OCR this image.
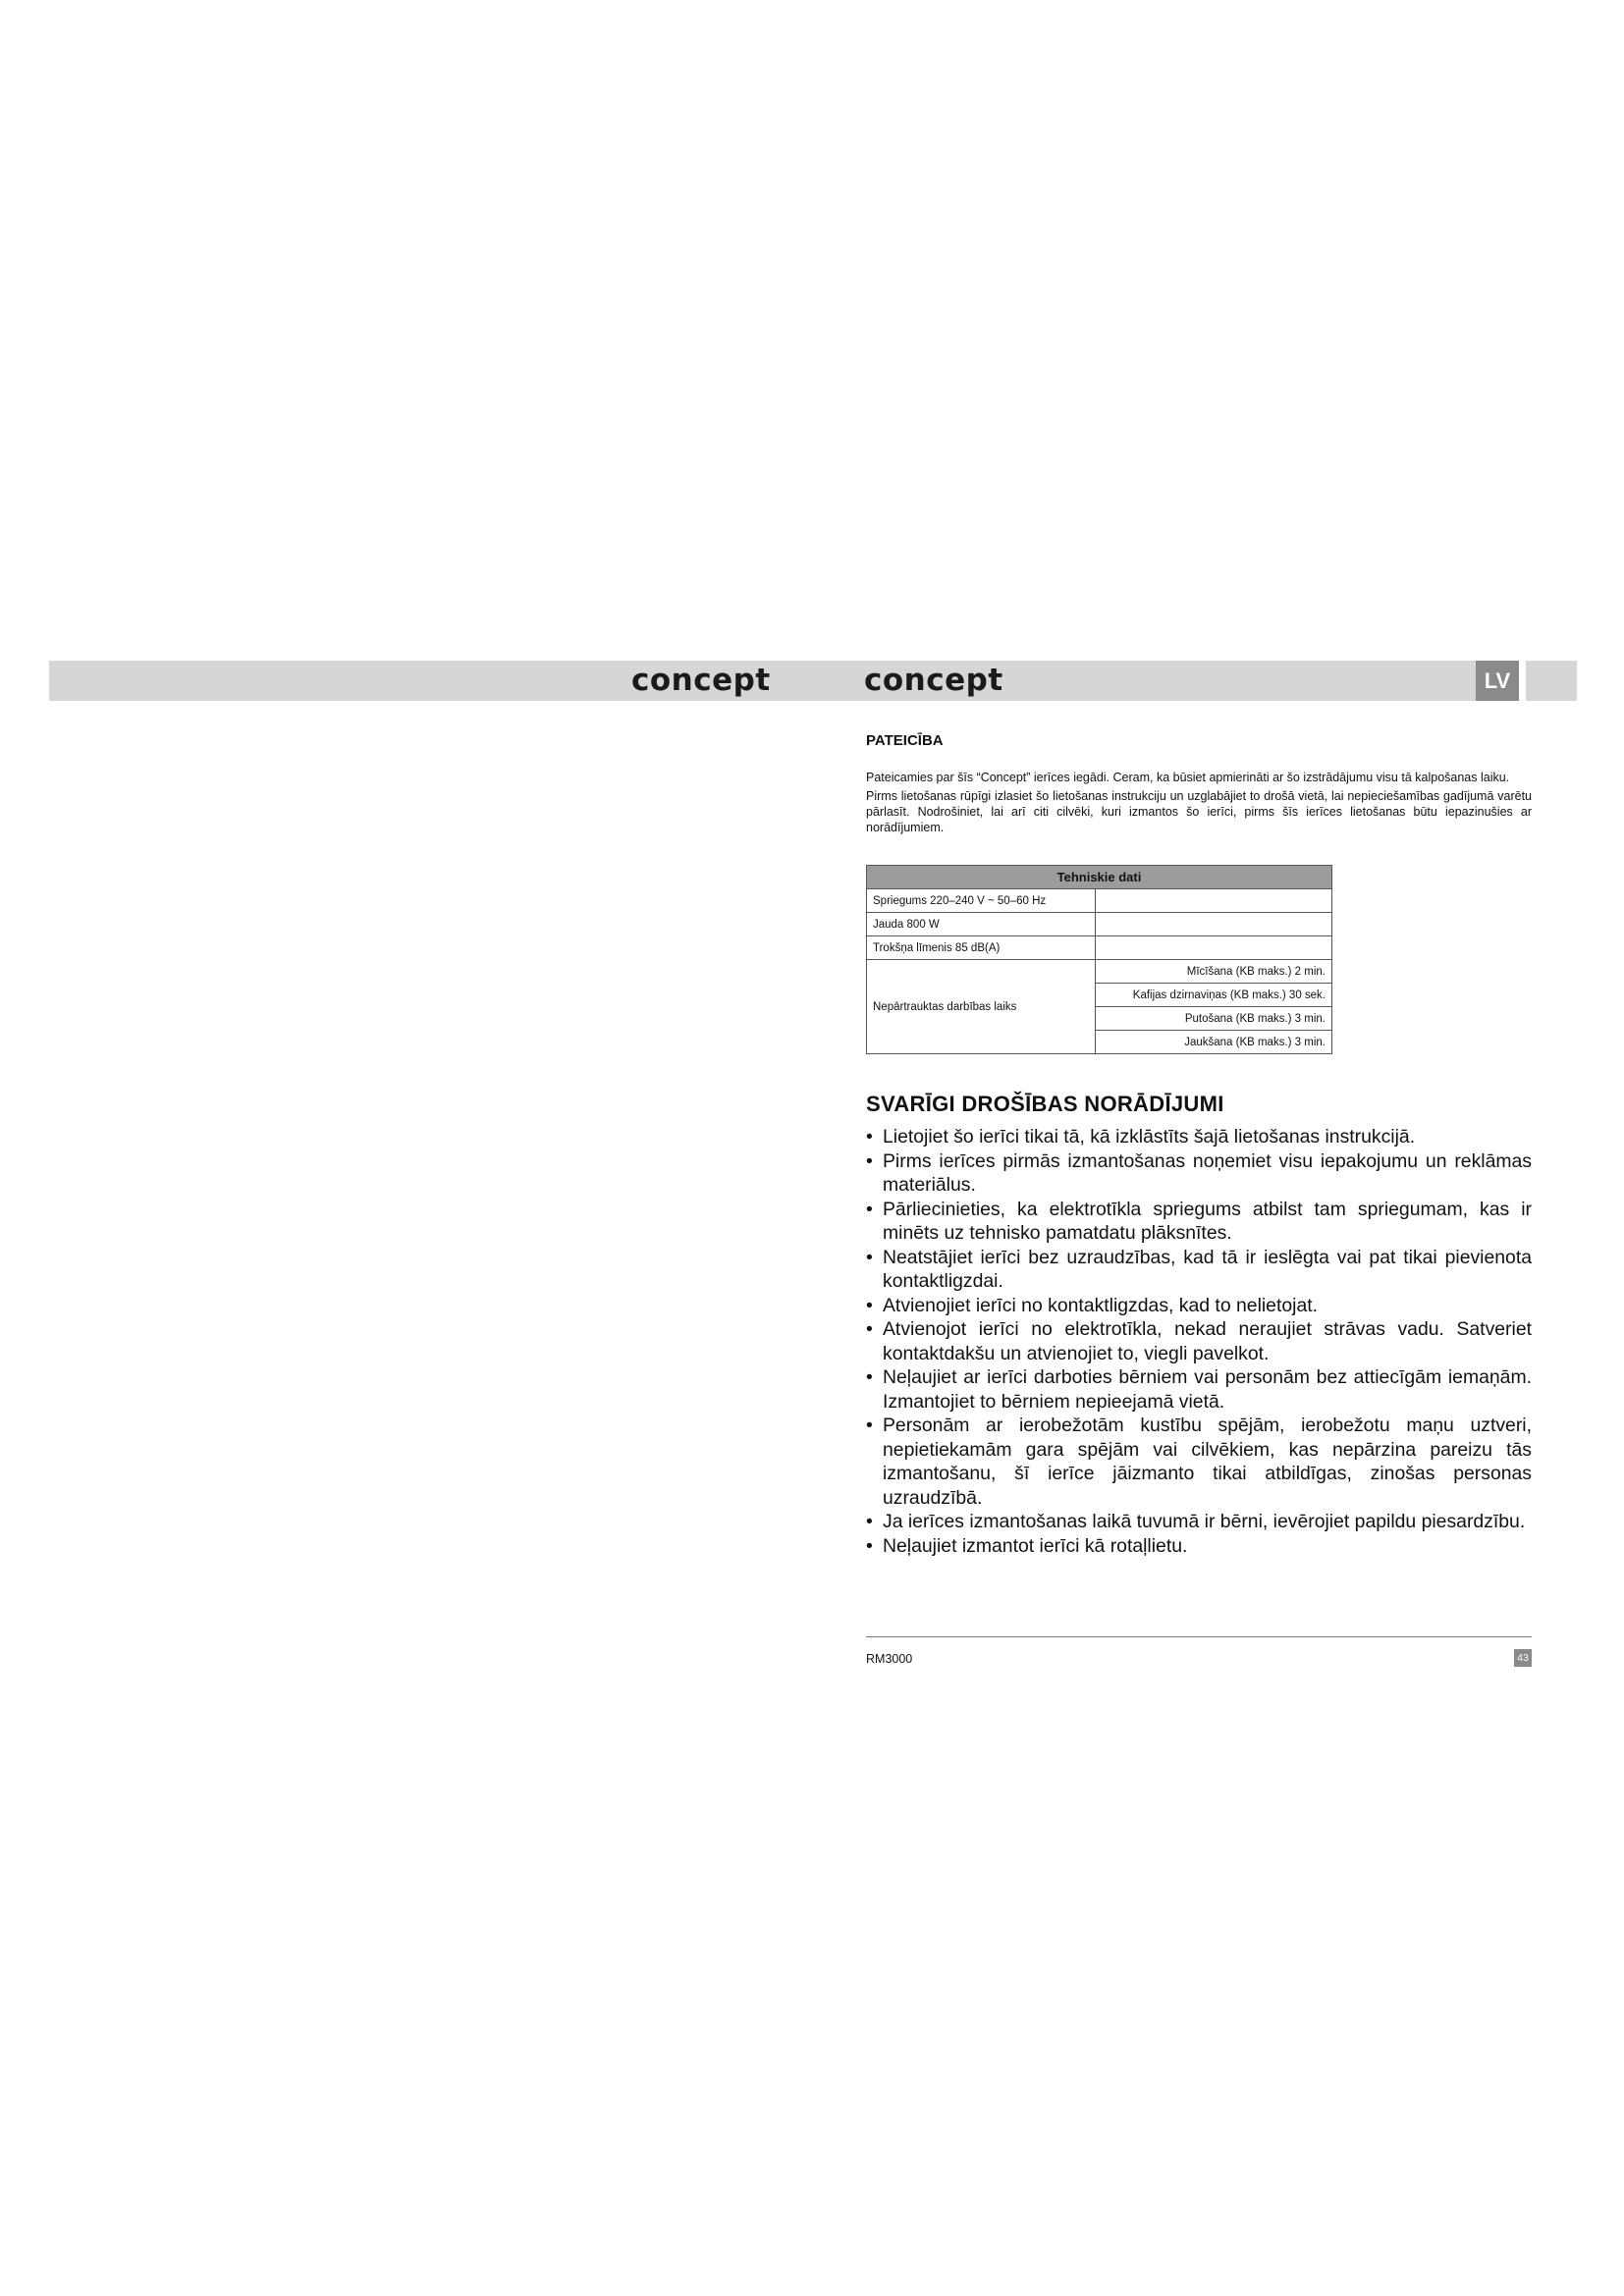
concept	concept	LV
PATEICĪBA

Pateicamies par šīs “Concept” ierīces iegādi. Ceram, ka būsiet apmierināti ar šo izstrādājumu visu tā kalpošanas laiku.

Pirms lietošanas rūpīgi izlasiet šo lietošanas instrukciju un uzglabājiet to drošā vietā, lai nepieciešamības gadījumā varētu pārlasīt. Nodrošiniet, lai arī citi cilvēki, kuri izmantos šo ierīci, pirms šīs ierīces lietošanas būtu iepazinušies ar norādījumiem.

Tehniskie dati	
Spriegums 220–240 V ~ 50–60 Hz	
Jauda 800 W	
Trokšņa līmenis 85 dB(A)	
Nepārtrauktas darbības laiks	Mīcīšana (KB maks.) 2 min.
	Kafijas dzirnaviņas (KB maks.) 30 sek.
	Putošana (KB maks.) 3 min.
	Jaukšana (KB maks.) 3 min.
SVARĪGI DROŠĪBAS NORĀDĪJUMI
• Lietojiet šo ierīci tikai tā, kā izklāstīts šajā lietošanas instrukcijā.
• Pirms ierīces pirmās izmantošanas noņemiet visu iepakojumu un reklāmas materiālus.
• Pārliecinieties, ka elektrotīkla spriegums atbilst tam spriegumam, kas ir minēts uz tehnisko pamatdatu plāksnītes.
• Neatstājiet ierīci bez uzraudzības, kad tā ir ieslēgta vai pat tikai pievienota kontaktligzdai.
• Atvienojiet ierīci no kontaktligzdas, kad to nelietojat.
• Atvienojot ierīci no elektrotīkla, nekad neraujiet strāvas vadu. Satveriet kontaktdakšu un atvienojiet to, viegli pavelkot.
• Neļaujiet ar ierīci darboties bērniem vai personām bez attiecīgām iemaņām. Izmantojiet to bērniem nepieejamā vietā.
• Personām ar ierobežotām kustību spējām, ierobežotu maņu uztveri, nepietiekamām gara spējām vai cilvēkiem, kas nepārzina pareizu tās izmantošanu, šī ierīce jāizmanto tikai atbildīgas, zinošas personas uzraudzībā.
• Ja ierīces izmantošanas laikā tuvumā ir bērni, ievērojiet papildu piesardzību.
• Neļaujiet izmantot ierīci kā rotaļlietu.
RM3000	43
